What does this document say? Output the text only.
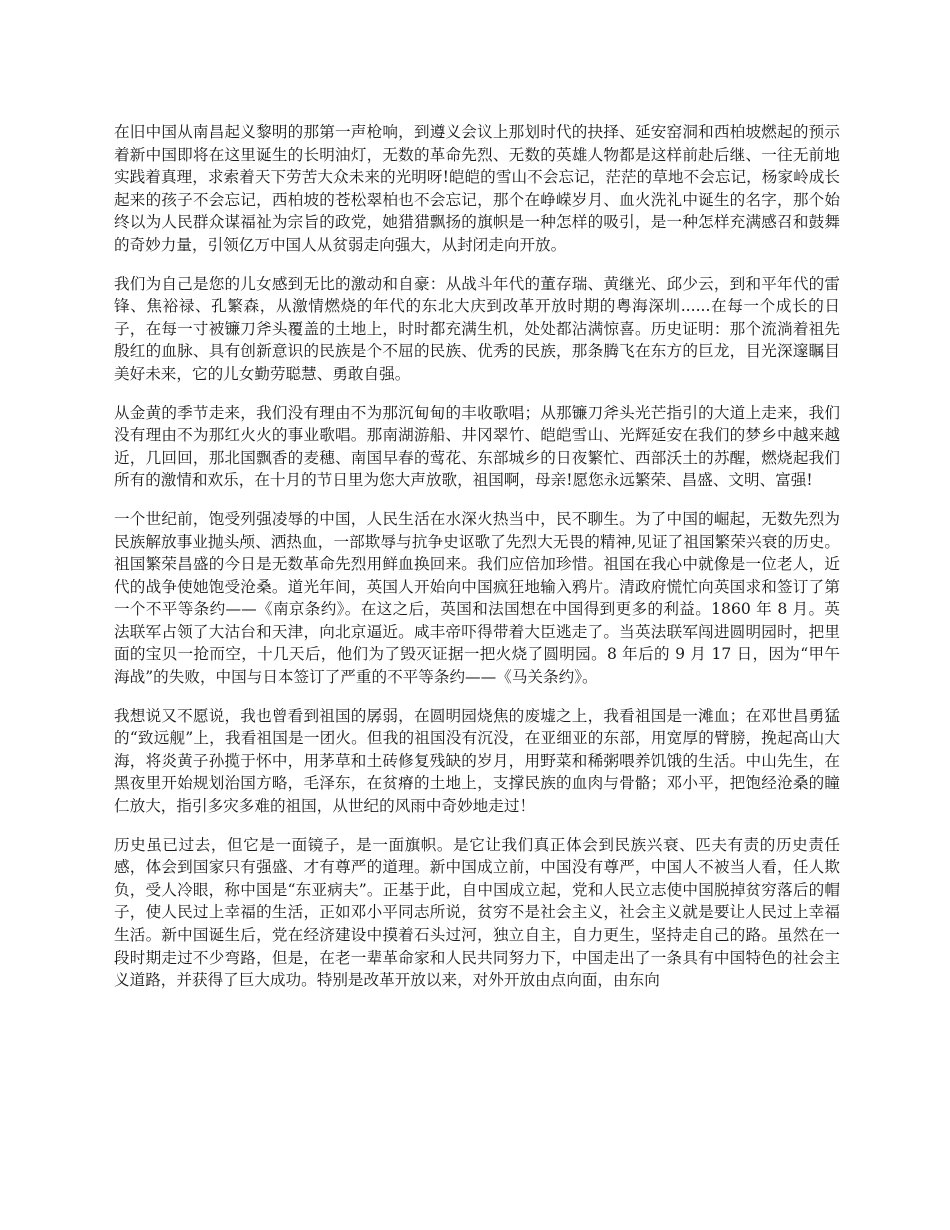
在旧中国从南昌起义黎明的那第一声枪响，到遵义会议上那划时代的抉择、延安窑洞和西柏坡燃起的预示着新中国即将在这里诞生的长明油灯，无数的革命先烈、无数的英雄人物都是这样前赴后继、一往无前地实践着真理，求索着天下劳苦大众未来的光明呀!皑皑的雪山不会忘记，茫茫的草地不会忘记，杨家岭成长起来的孩子不会忘记，西柏坡的苍松翠柏也不会忘记，那个在峥嵘岁月、血火洗礼中诞生的名字，那个始终以为人民群众谋福祉为宗旨的政党，她猎猎飘扬的旗帜是一种怎样的吸引，是一种怎样充满感召和鼓舞的奇妙力量，引领亿万中国人从贫弱走向强大，从封闭走向开放。

我们为自己是您的儿女感到无比的激动和自豪：从战斗年代的董存瑞、黄继光、邱少云，到和平年代的雷锋、焦裕禄、孔繁森，从激情燃烧的年代的东北大庆到改革开放时期的粤海深圳......在每一个成长的日子，在每一寸被镰刀斧头覆盖的土地上，时时都充满生机，处处都沾满惊喜。历史证明：那个流淌着祖先殷红的血脉、具有创新意识的民族是个不屈的民族、优秀的民族，那条腾飞在东方的巨龙，目光深邃瞩目美好未来，它的儿女勤劳聪慧、勇敢自强。

从金黄的季节走来，我们没有理由不为那沉甸甸的丰收歌唱；从那镰刀斧头光芒指引的大道上走来，我们没有理由不为那红火火的事业歌唱。那南湖游船、井冈翠竹、皑皑雪山、光辉延安在我们的梦乡中越来越近，几回回，那北国飘香的麦穗、南国早春的莺花、东部城乡的日夜繁忙、西部沃土的苏醒，燃烧起我们所有的激情和欢乐，在十月的节日里为您大声放歌，祖国啊，母亲!愿您永远繁荣、昌盛、文明、富强!

一个世纪前，饱受列强凌辱的中国，人民生活在水深火热当中，民不聊生。为了中国的崛起，无数先烈为民族解放事业抛头颅、洒热血，一部欺辱与抗争史讴歌了先烈大无畏的精神,见证了祖国繁荣兴衰的历史。祖国繁荣昌盛的今日是无数革命先烈用鲜血换回来。我们应倍加珍惜。祖国在我心中就像是一位老人，近代的战争使她饱受沧桑。道光年间，英国人开始向中国疯狂地输入鸦片。清政府慌忙向英国求和签订了第一个不平等条约——《南京条约》。在这之后，英国和法国想在中国得到更多的利益。1860 年 8 月。英法联军占领了大沽台和天津，向北京逼近。咸丰帝吓得带着大臣逃走了。当英法联军闯进圆明园时，把里面的宝贝一抢而空，十几天后，他们为了毁灭证据一把火烧了圆明园。8 年后的 9 月 17 日，因为“甲午海战”的失败，中国与日本签订了严重的不平等条约——《马关条约》。

我想说又不愿说，我也曾看到祖国的孱弱，在圆明园烧焦的废墟之上，我看祖国是一滩血；在邓世昌勇猛的“致远舰”上，我看祖国是一团火。但我的祖国没有沉没，在亚细亚的东部，用宽厚的臂膀，挽起高山大海，将炎黄子孙揽于怀中，用茅草和土砖修复残缺的岁月，用野菜和稀粥喂养饥饿的生活。中山先生，在黑夜里开始规划治国方略，毛泽东，在贫瘠的土地上，支撑民族的血肉与骨骼；邓小平，把饱经沧桑的瞳仁放大，指引多灾多难的祖国，从世纪的风雨中奇妙地走过！

历史虽已过去，但它是一面镜子，是一面旗帜。是它让我们真正体会到民族兴衰、匹夫有责的历史责任感，体会到国家只有强盛、才有尊严的道理。新中国成立前，中国没有尊严，中国人不被当人看，任人欺负，受人冷眼，称中国是“东亚病夫”。正基于此，自中国成立起，党和人民立志使中国脱掉贫穷落后的帽子，使人民过上幸福的生活，正如邓小平同志所说，贫穷不是社会主义，社会主义就是要让人民过上幸福生活。新中国诞生后，党在经济建设中摸着石头过河，独立自主，自力更生，坚持走自己的路。虽然在一段时期走过不少弯路，但是，在老一辈革命家和人民共同努力下，中国走出了一条具有中国特色的社会主义道路，并获得了巨大成功。特别是改革开放以来，对外开放由点向面，由东向
